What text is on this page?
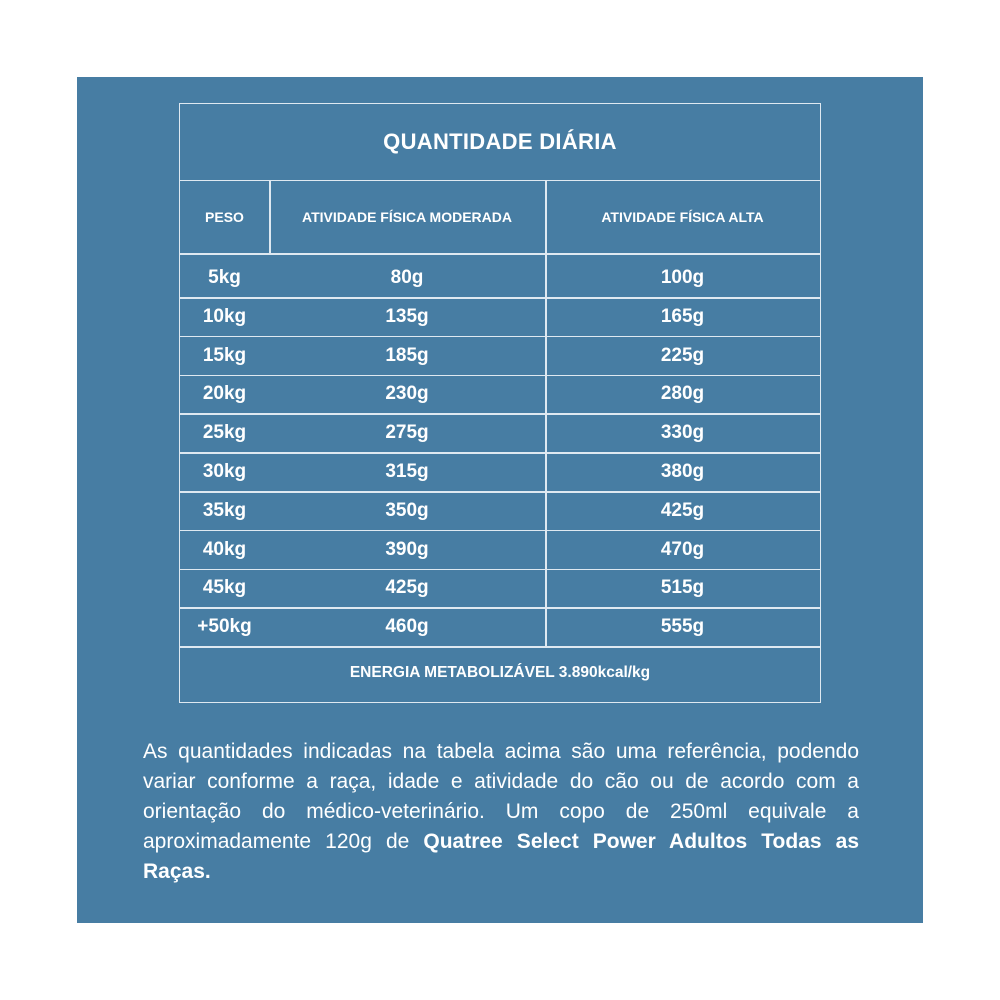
QUANTIDADE DIÁRIA
PESO	ATIVIDADE FÍSICA MODERADA	ATIVIDADE FÍSICA ALTA
5kg	80g	100g
10kg	135g	165g
15kg	185g	225g
20kg	230g	280g
25kg	275g	330g
30kg	315g	380g
35kg	350g	425g
40kg	390g	470g
45kg	425g	515g
+50kg	460g	555g
ENERGIA METABOLIZÁVEL 3.890kcal/kg
As quantidades indicadas na tabela acima são uma referência, podendo variar conforme a raça, idade e atividade do cão ou de acordo com a orientação do médico-veterinário. Um copo de 250ml equivale a aproximadamente 120g de Quatree Select Power Adultos Todas as Raças.
